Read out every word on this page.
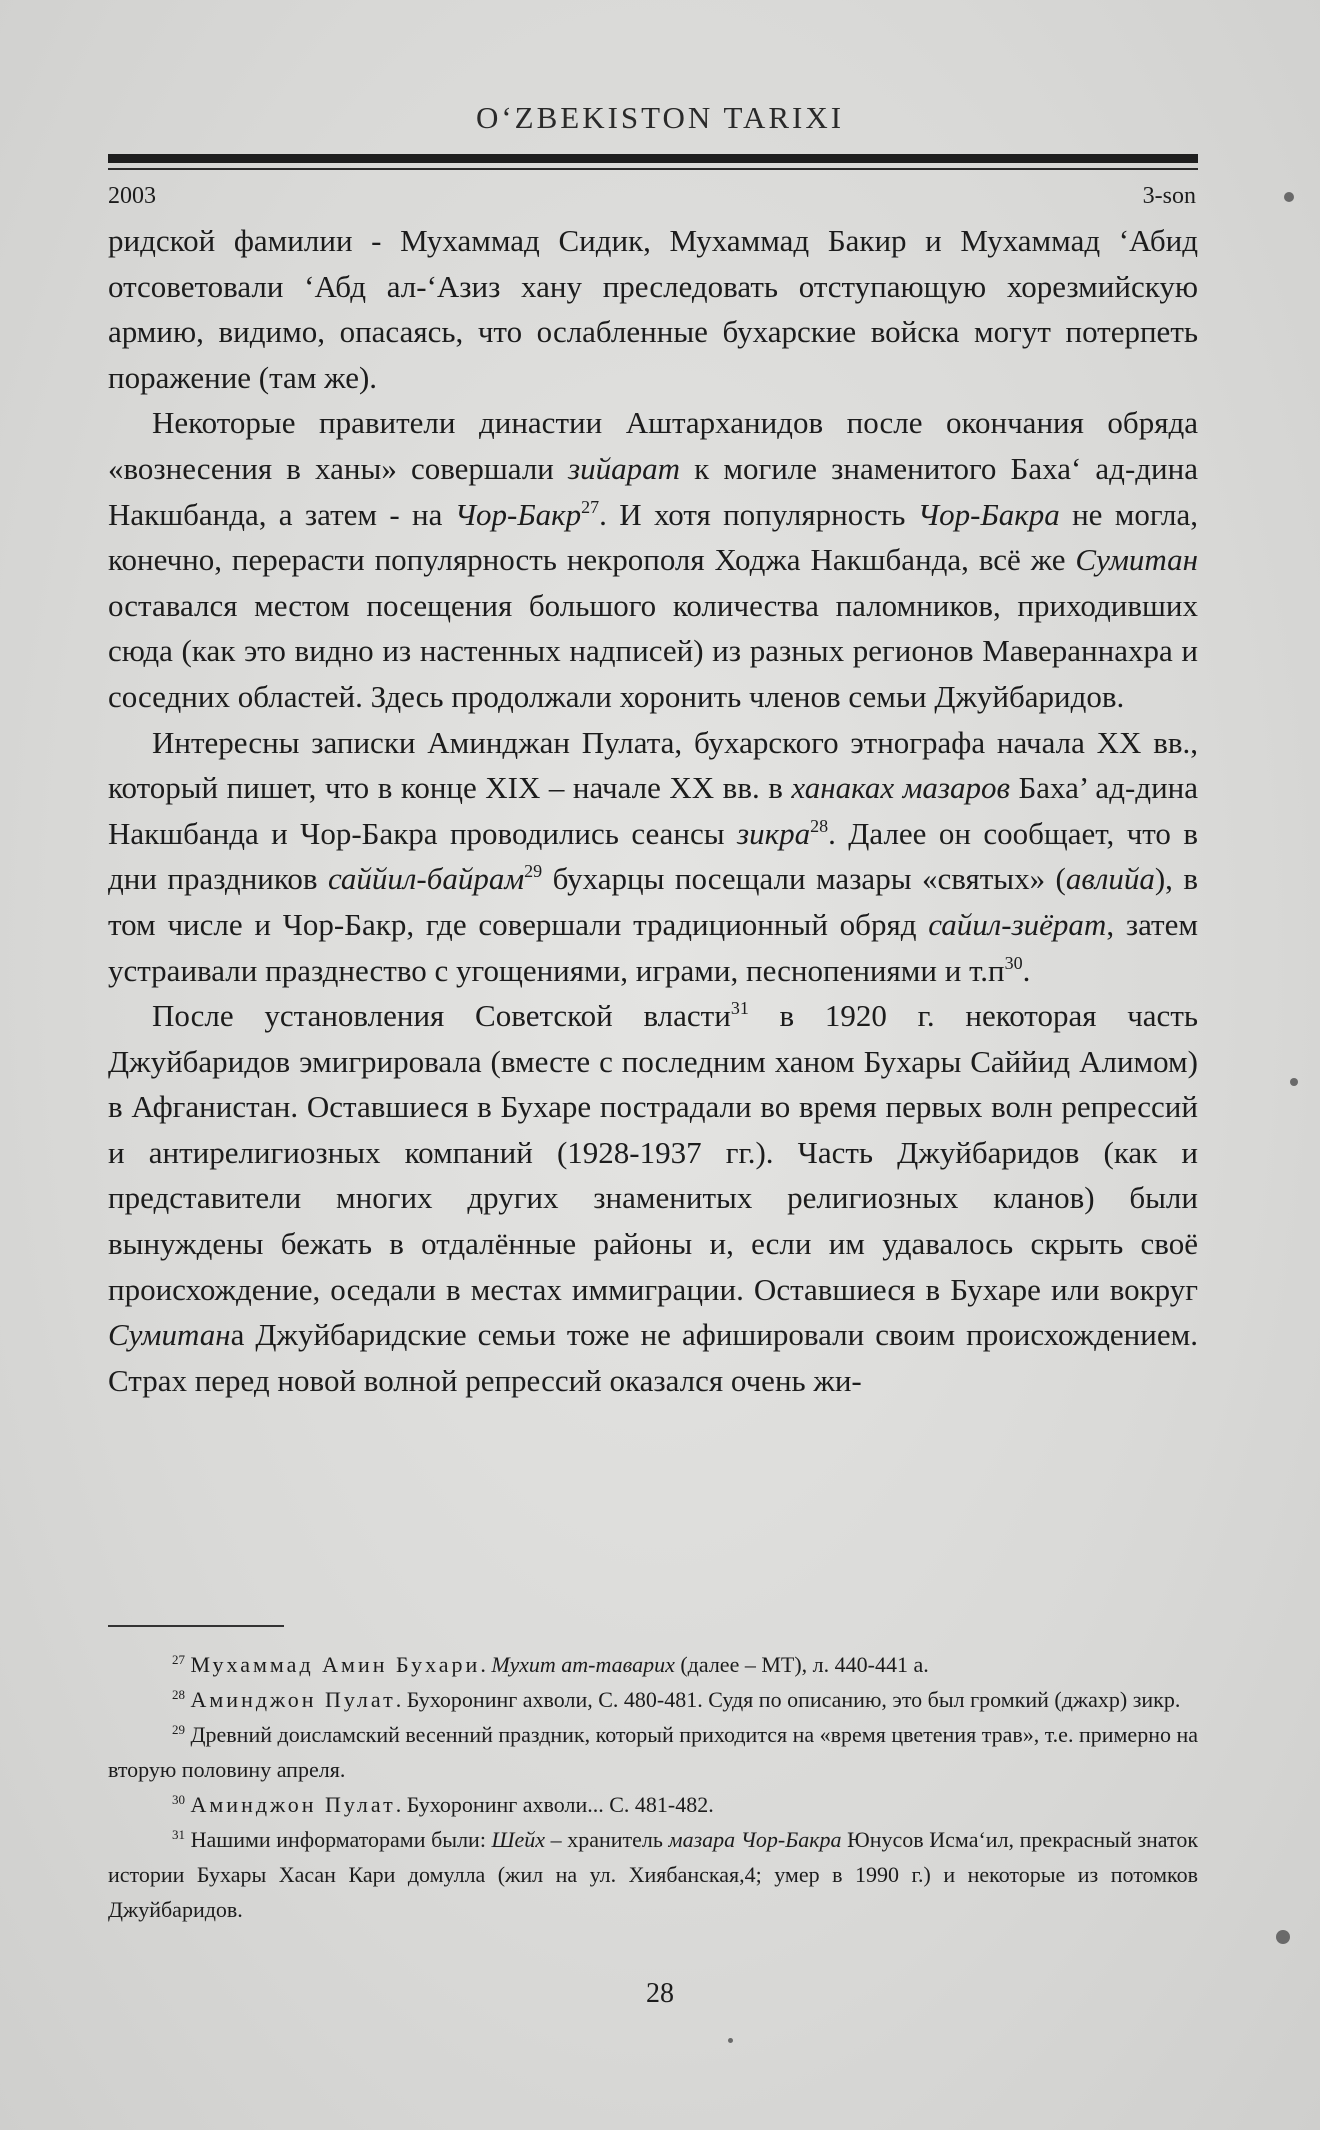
O‘ZBEKISTON TARIXI
2003	3-son

ридской фамилии - Мухаммад Сидик, Мухаммад Бакир и Мухаммад ‘Абид отсоветовали ‘Абд ал-‘Азиз хану преследовать отступающую хорезмийскую армию, видимо, опасаясь, что ослабленные бухарские войска могут потерпеть поражение (там же).

Некоторые правители династии Аштарханидов после окончания обряда «вознесения в ханы» совершали зийарат к могиле знаменитого Баха‘ ад-дина Накшбанда, а затем - на Чор-Бакр$^{27}$. И хотя популярность Чор-Бакра не могла, конечно, перерасти популярность некрополя Ходжа Накшбанда, всё же Сумитан оставался местом посещения большого количества паломников, приходивших сюда (как это видно из настенных надписей) из разных регионов Мавераннахра и соседних областей. Здесь продолжали хоронить членов семьи Джуйбаридов.

Интересны записки Аминджан Пулата, бухарского этнографа начала XX вв., который пишет, что в конце XIX – начале XX вв. в ханаках мазаров Баха’ ад-дина Накшбанда и Чор-Бакра проводились сеансы зикра$^{28}$. Далее он сообщает, что в дни праздников саййил-байрам$^{29}$ бухарцы посещали мазары «святых» (авлийа), в том числе и Чор-Бакр, где совершали традиционный обряд сайил-зиёрат, затем устраивали празднество с угощениями, играми, песнопениями и $т.п^{30}$.

После установления Советской власти$^{31}$ в 1920 г. некоторая часть Джуйбаридов эмигрировала (вместе с последним ханом Бухары Саййид Алимом) в Афганистан. Оставшиеся в Бухаре пострадали во время первых волн репрессий и антирелигиозных компаний (1928-1937 гг.). Часть Джуйбаридов (как и представители многих других знаменитых религиозных кланов) были вынуждены бежать в отдалённые районы и, если им удавалось скрыть своё происхождение, оседали в местах иммиграции. Оставшиеся в Бухаре или вокруг Сумитана Джуйбаридские семьи тоже не афишировали своим происхождением. Страх перед новой волной репрессий оказался очень жи-

$^{27}$ Мухаммад Амин Бухари. Мухит ат-таварих (далее – МТ), л. 440-441 а.

$^{28}$ Аминджон Пулат. Бухоронинг ахволи, С. 480-481. Судя по описанию, это был громкий (джахр) зикр.

$^{29}$ Древний доисламский весенний праздник, который приходится на «время цветения трав», т.е. примерно на вторую половину апреля.

$^{30}$ Аминджон Пулат. Бухоронинг ахволи... С. 481-482.

$^{31}$ Нашими информаторами были: Шейх – хранитель мазара Чор-Бакра Юнусов Исма‘ил, прекрасный знаток истории Бухары Хасан Кари домулла (жил на ул. Хиябанская,4; умер в 1990 г.) и некоторые из потомков Джуйбаридов.

28
